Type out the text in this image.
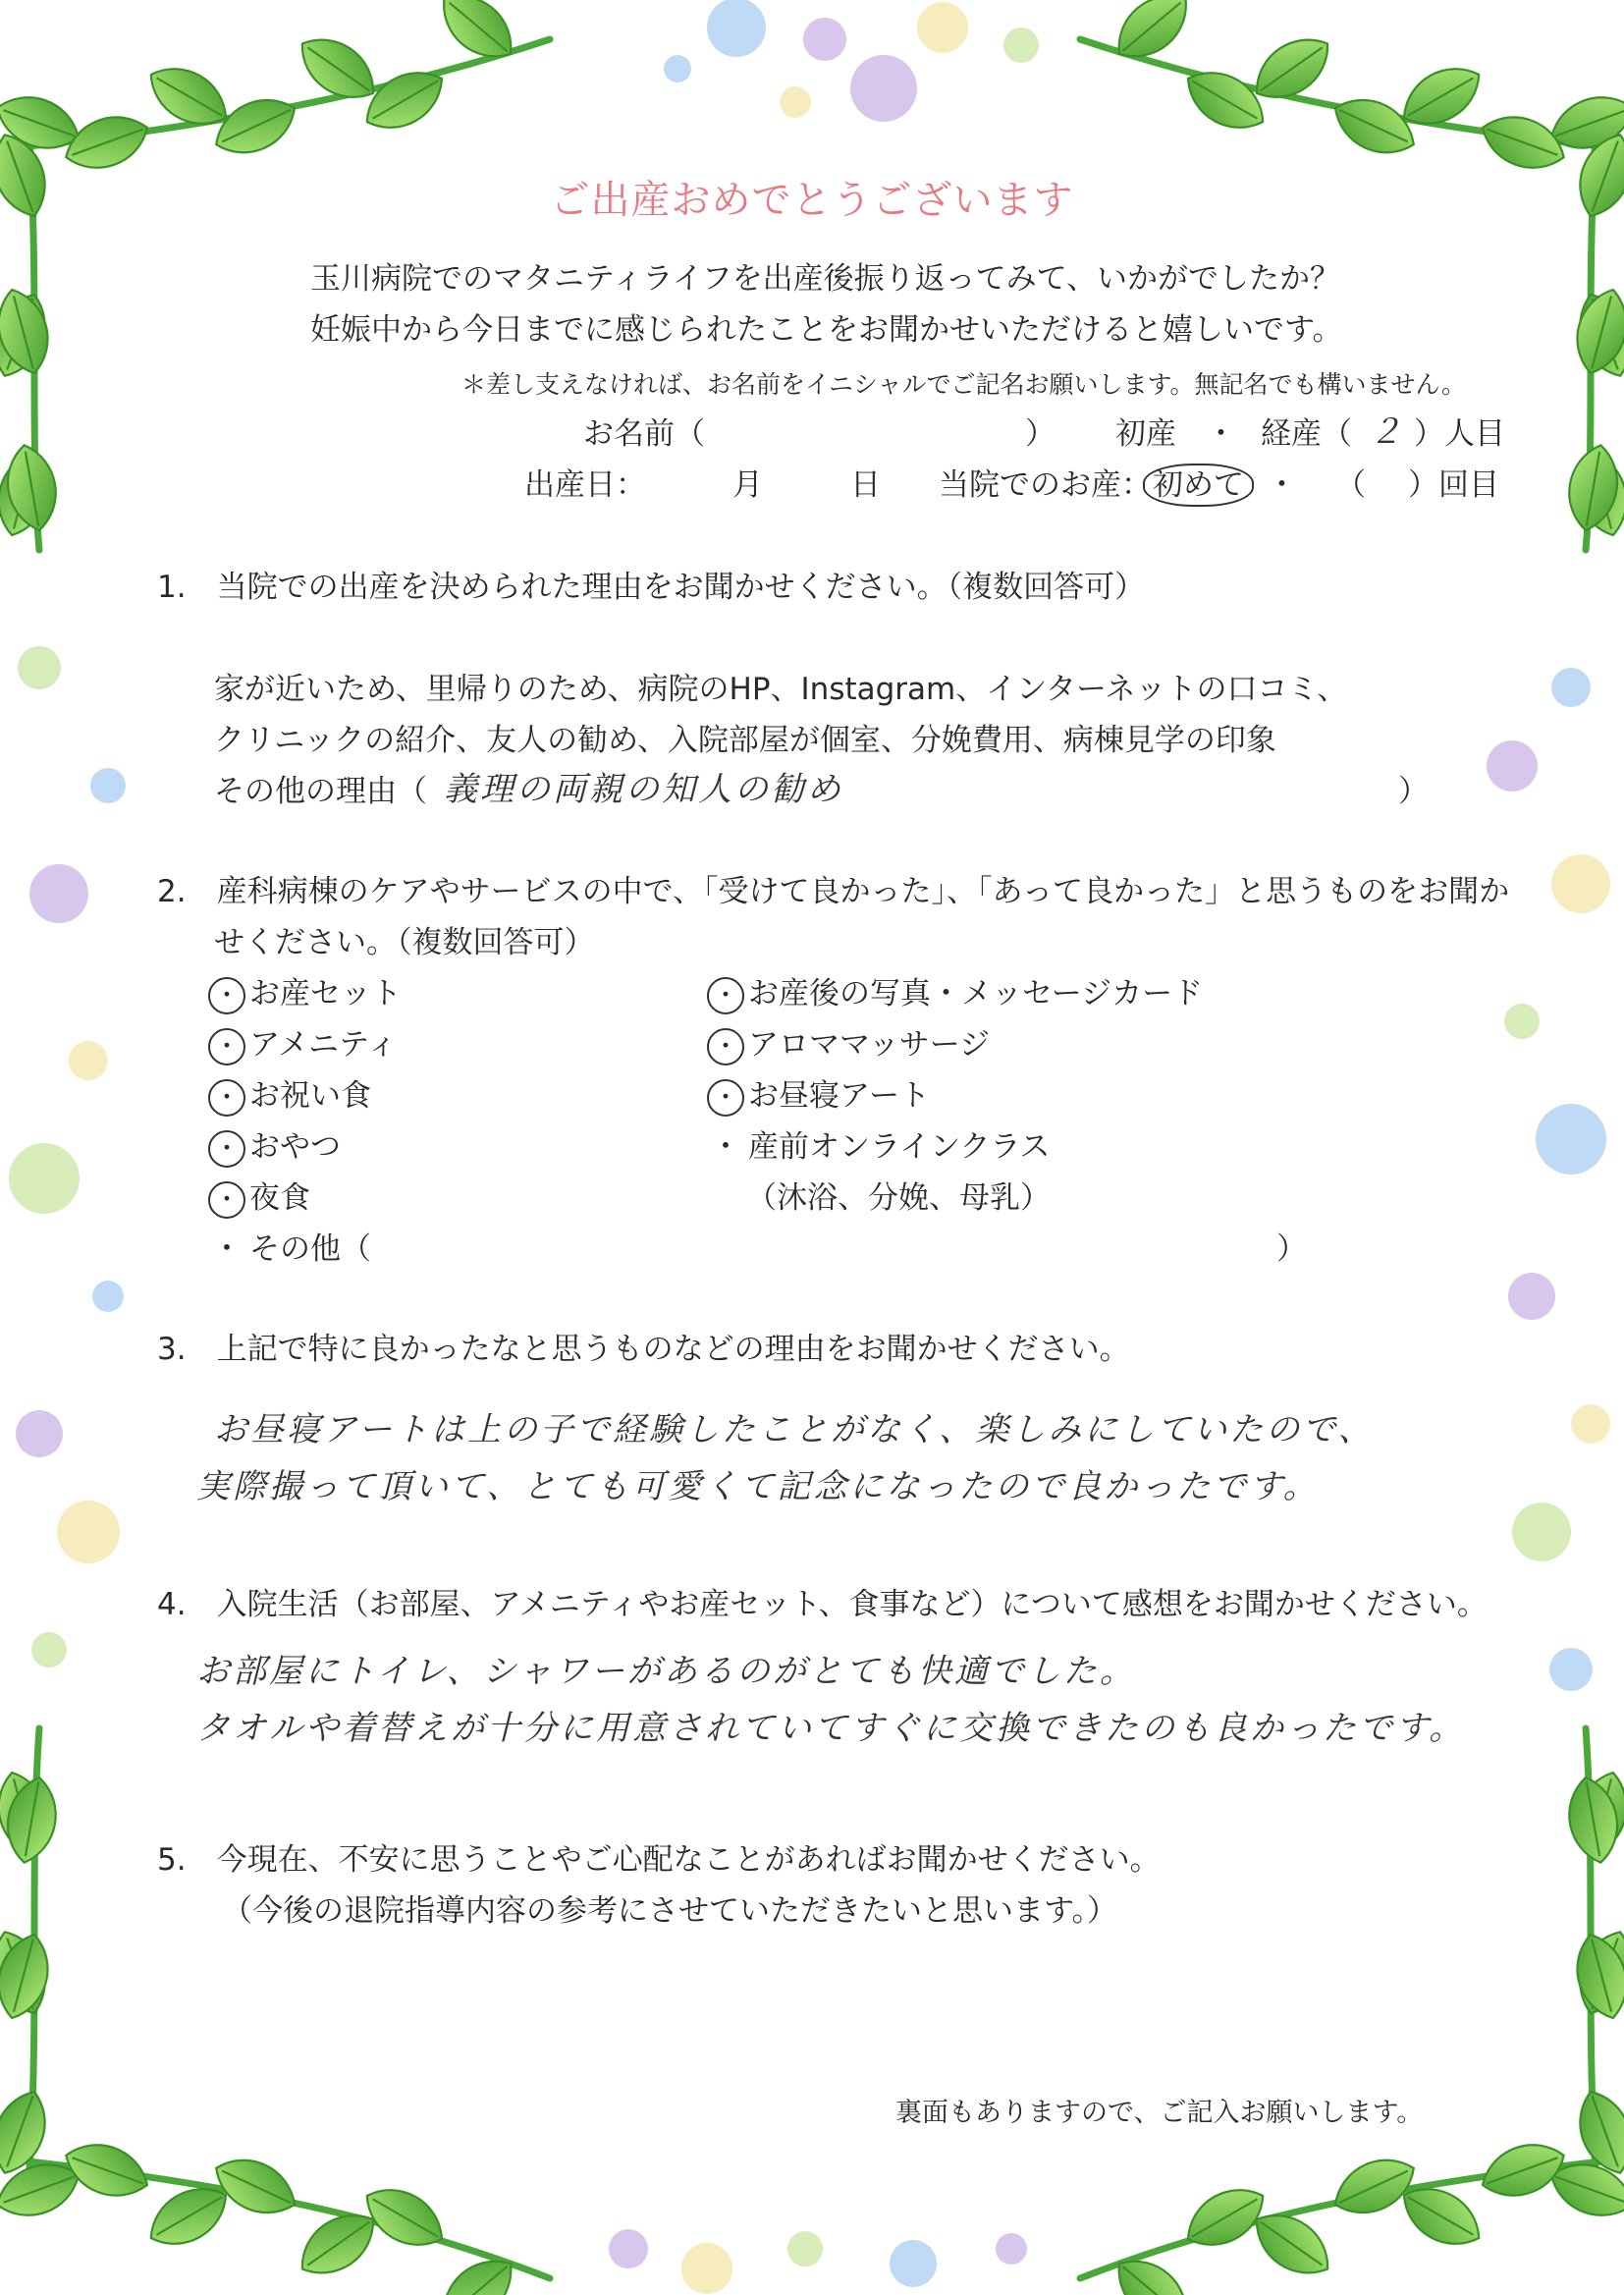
ご出産おめでとうございます
玉川病院でのマタニティライフを出産後振り返ってみて、いかがでしたか？
妊娠中から今日までに感じられたことをお聞かせいただけると嬉しいです。
＊差し支えなければ、お名前をイニシャルでご記名お願いします。無記名でも構いません。
お名前（	） 初産 ・ 経産（ ２ ）人目
出産日：	月	日 当院でのお産： 初めて ・ （ ）回目
1.　当院での出産を決められた理由をお聞かせください。（複数回答可）
家が近いため、里帰りのため、病院のHP、Instagram、インターネットの口コミ、
クリニックの紹介、友人の勧め、入院部屋が個室、分娩費用、病棟見学の印象
その他の理由（ 義理の両親の知人の勧め	）
2.　産科病棟のケアやサービスの中で、「受けて良かった」、「あって良かった」と思うものをお聞か
せください。（複数回答可）
・ お産セット
・ アメニティ
・ お祝い食
・ おやつ
・ 夜食
・ その他（	）
・ お産後の写真・メッセージカード
・ アロママッサージ
・ お昼寝アート
・ 産前オンラインクラス
（沐浴、分娩、母乳）
3.　上記で特に良かったなと思うものなどの理由をお聞かせください。
お昼寝アートは上の子で経験したことがなく、楽しみにしていたので、
実際撮って頂いて、とても可愛くて記念になったので良かったです。
4.　入院生活（お部屋、アメニティやお産セット、食事など）について感想をお聞かせください。
お部屋にトイレ、シャワーがあるのがとても快適でした。
タオルや着替えが十分に用意されていてすぐに交換できたのも良かったです。
5.　今現在、不安に思うことやご心配なことがあればお聞かせください。
（今後の退院指導内容の参考にさせていただきたいと思います。）
裏面もありますので、ご記入お願いします。
